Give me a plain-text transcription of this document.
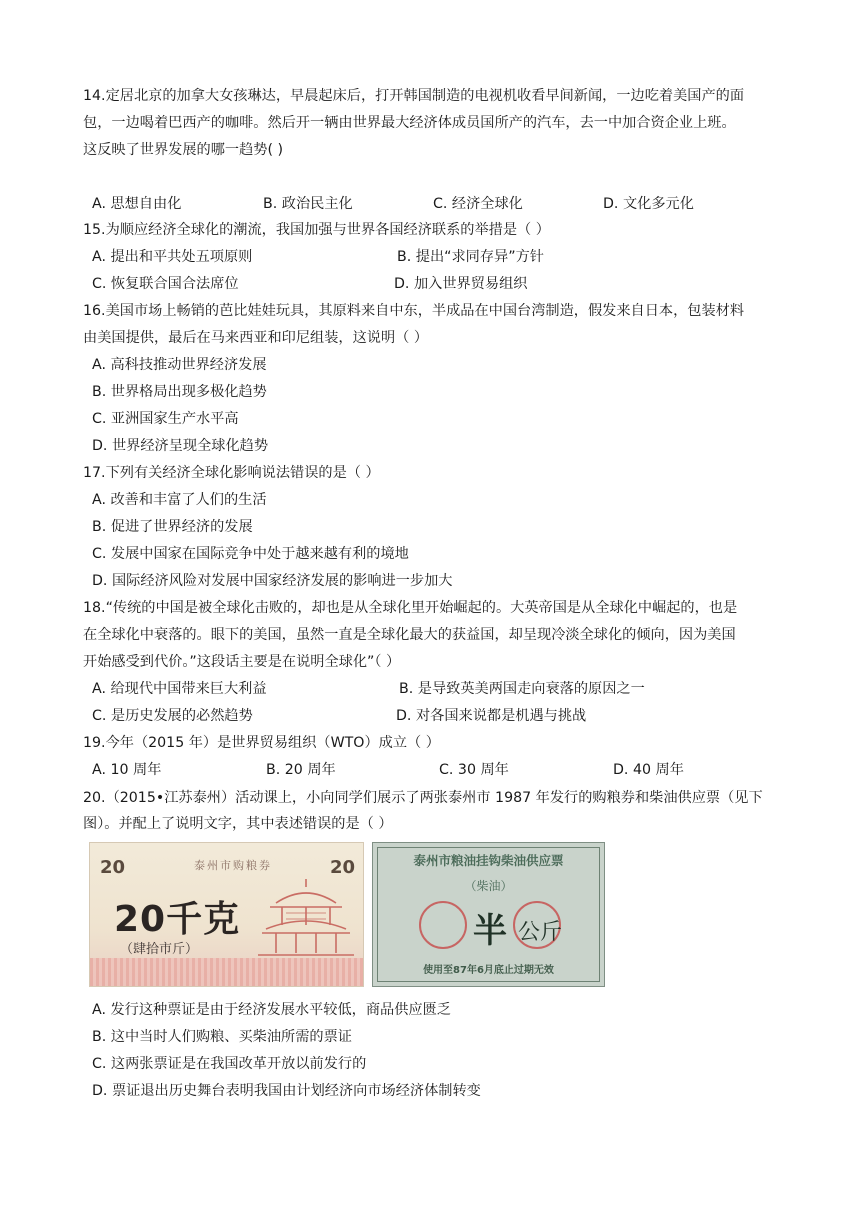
14.定居北京的加拿大女孩琳达，早晨起床后，打开韩国制造的电视机收看早间新闻，一边吃着美国产的面
包，一边喝着巴西产的咖啡。然后开一辆由世界最大经济体成员国所产的汽车，去一中加合资企业上班。
这反映了世界发展的哪一趋势( )
A. 思想自由化	B. 政治民主化	C. 经济全球化	D. 文化多元化
15.为顺应经济全球化的潮流，我国加强与世界各国经济联系的举措是（ ）
A. 提出和平共处五项原则	B. 提出“求同存异”方针
C. 恢复联合国合法席位	D. 加入世界贸易组织
16.美国市场上畅销的芭比娃娃玩具，其原料来自中东，半成品在中国台湾制造，假发来自日本，包装材料
由美国提供，最后在马来西亚和印尼组装，这说明（ ）
A. 高科技推动世界经济发展
B. 世界格局出现多极化趋势
C. 亚洲国家生产水平高
D. 世界经济呈现全球化趋势
17.下列有关经济全球化影响说法错误的是（ ）
A. 改善和丰富了人们的生活
B. 促进了世界经济的发展
C. 发展中国家在国际竞争中处于越来越有利的境地
D. 国际经济风险对发展中国家经济发展的影响进一步加大
18.“传统的中国是被全球化击败的，却也是从全球化里开始崛起的。大英帝国是从全球化中崛起的，也是
在全球化中衰落的。眼下的美国，虽然一直是全球化最大的获益国，却呈现冷淡全球化的倾向，因为美国
开始感受到代价。”这段话主要是在说明全球化”（ ）
A. 给现代中国带来巨大利益	B. 是导致英美两国走向衰落的原因之一
C. 是历史发展的必然趋势	D. 对各国来说都是机遇与挑战
19.今年（2015 年）是世界贸易组织（WTO）成立（ ）
A. 10 周年	B. 20 周年	C. 30 周年	D. 40 周年
20.（2015•江苏泰州）活动课上，小向同学们展示了两张泰州市 1987 年发行的购粮券和柴油供应票（见下
图）。并配上了说明文字，其中表述错误的是（ ）
20	20
泰州市购粮券
20千克
（肆拾市斤）
泰州市粮油挂钩柴油供应票
（柴油）
半 公斤
使用至87年6月底止过期无效
A. 发行这种票证是由于经济发展水平较低，商品供应匮乏
B. 这中当时人们购粮、买柴油所需的票证
C. 这两张票证是在我国改革开放以前发行的
D. 票证退出历史舞台表明我国由计划经济向市场经济体制转变
